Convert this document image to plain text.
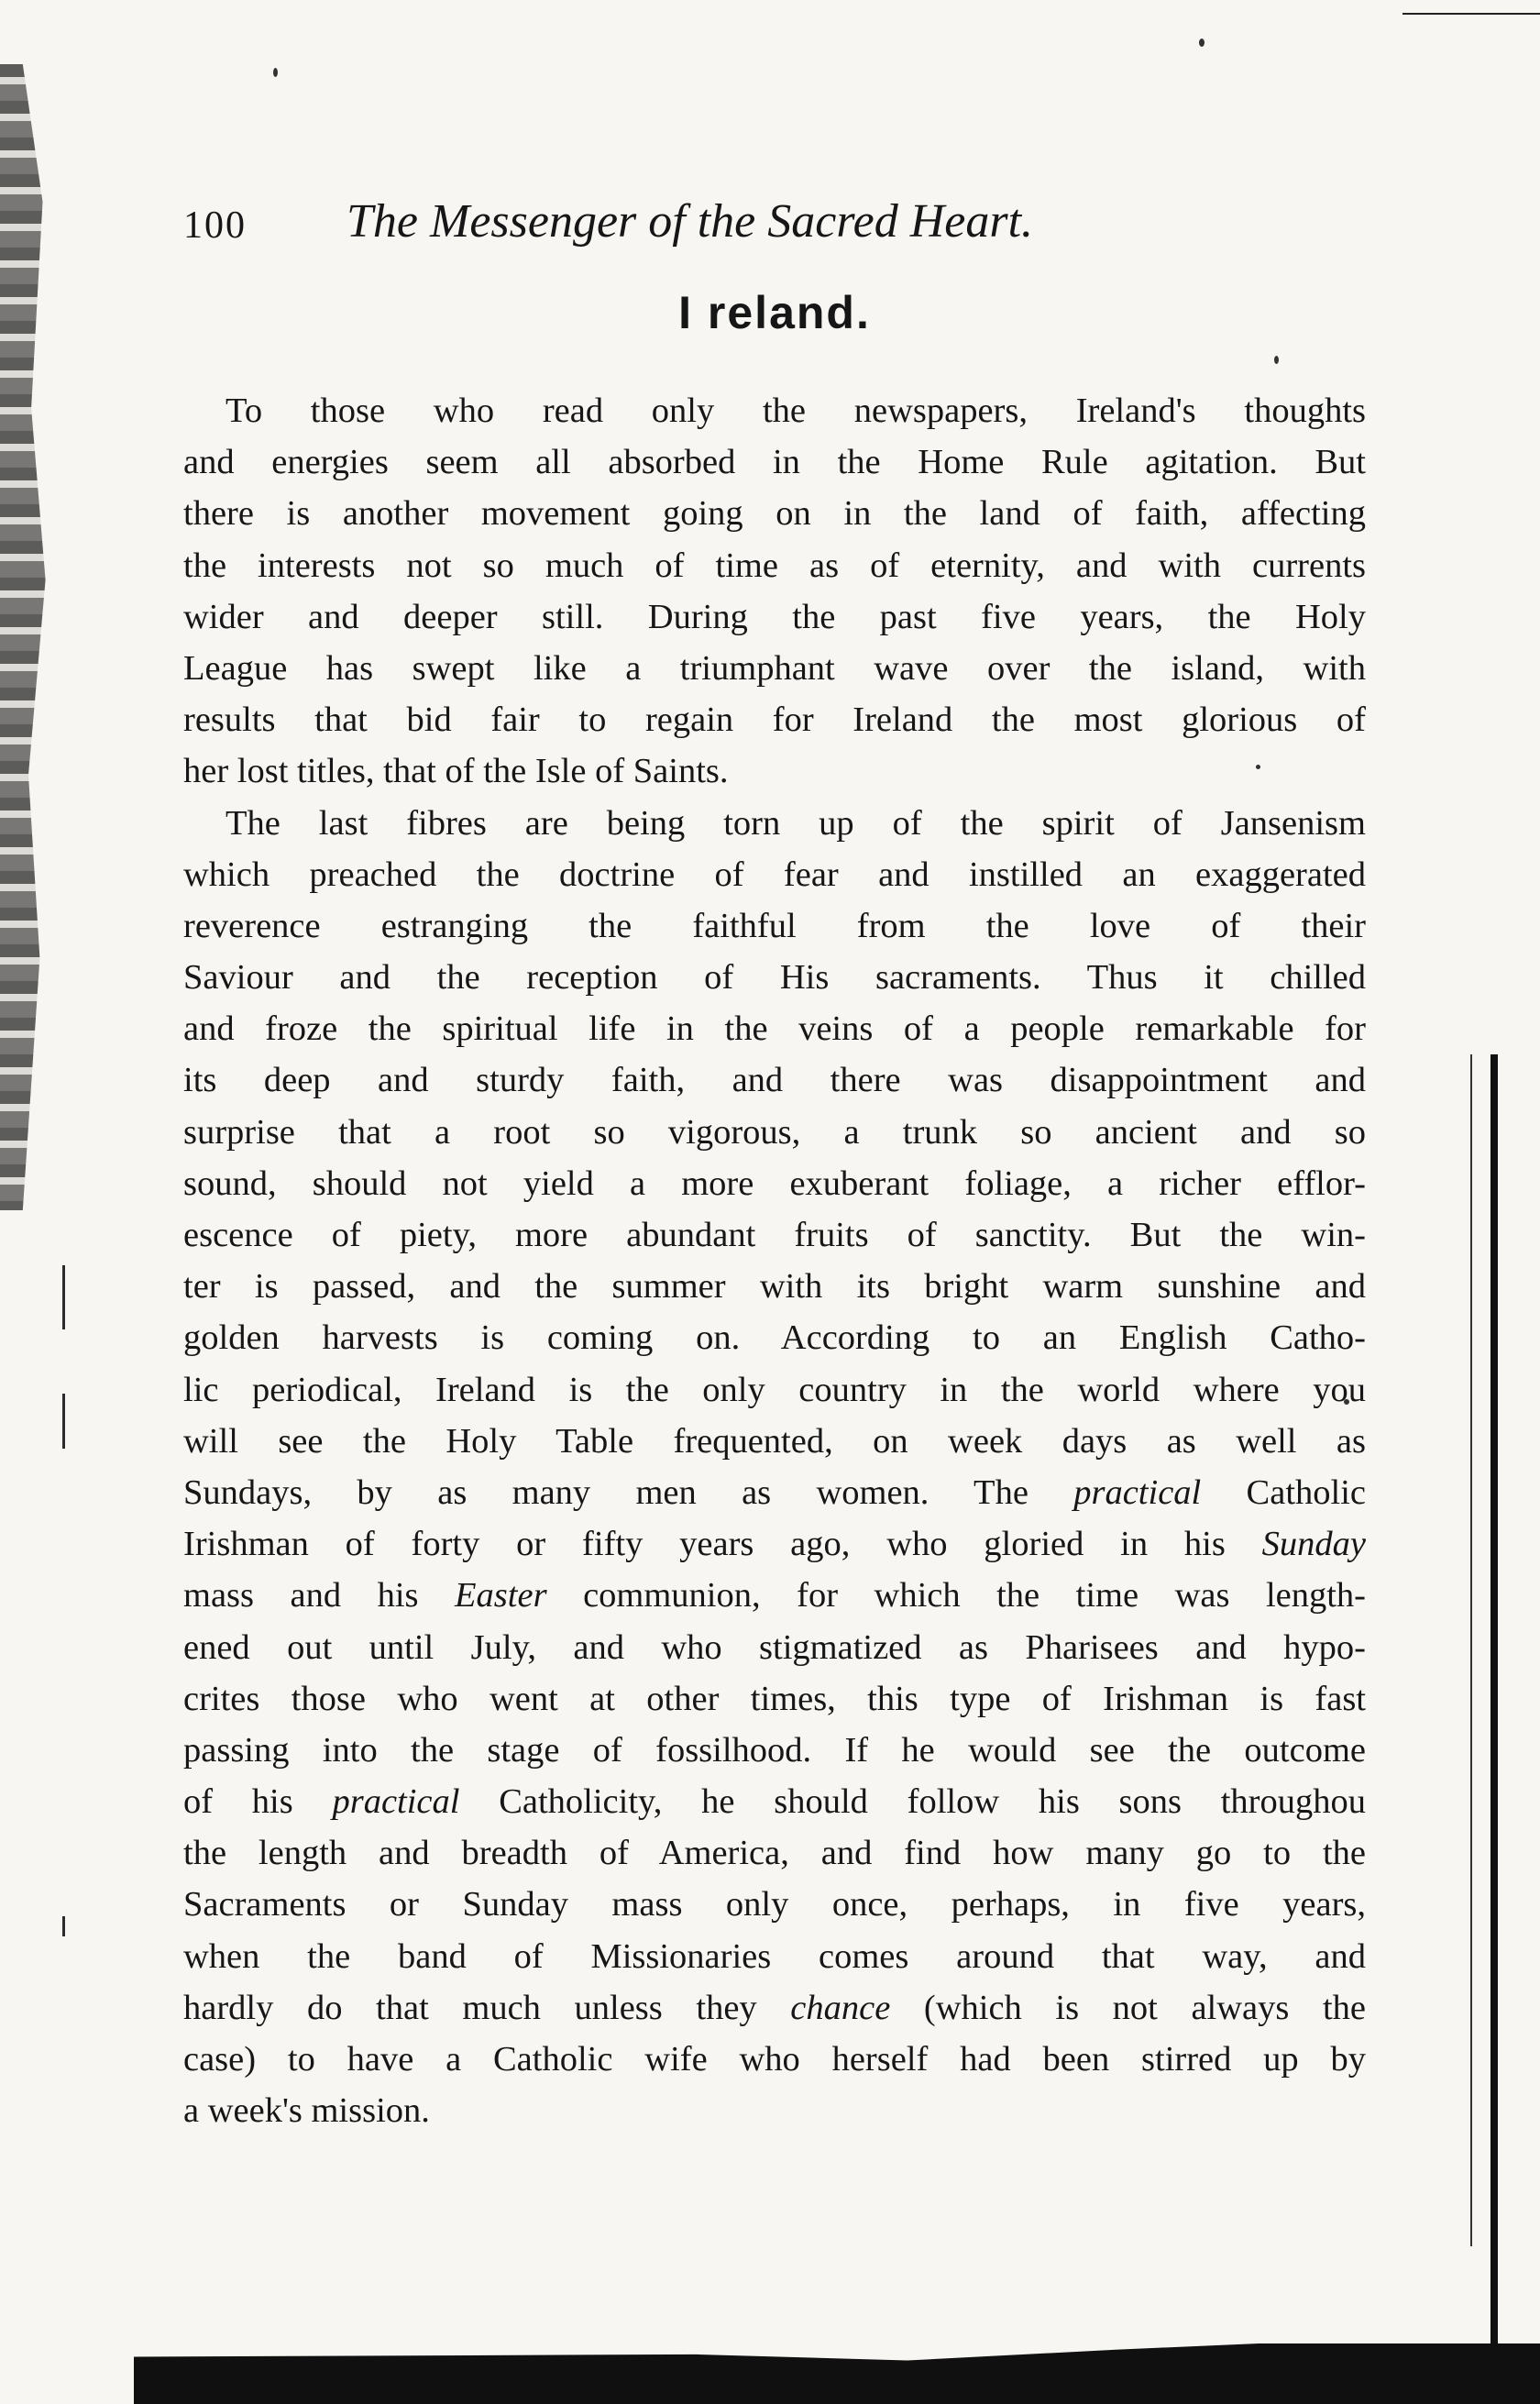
100 The Messenger of the Sacred Heart.
I reland.
To those who read only the newspapers, Ireland's thoughts
and energies seem all absorbed in the Home Rule agitation. But
there is another movement going on in the land of faith, affecting
the interests not so much of time as of eternity, and with currents
wider and deeper still. During the past five years, the Holy
League has swept like a triumphant wave over the island, with
results that bid fair to regain for Ireland the most glorious of
her lost titles, that of the Isle of Saints.
The last fibres are being torn up of the spirit of Jansenism
which preached the doctrine of fear and instilled an exaggerated
reverence estranging the faithful from the love of their
Saviour and the reception of His sacraments. Thus it chilled
and froze the spiritual life in the veins of a people remarkable for
its deep and sturdy faith, and there was disappointment and
surprise that a root so vigorous, a trunk so ancient and so
sound, should not yield a more exuberant foliage, a richer efflor-
escence of piety, more abundant fruits of sanctity. But the win-
ter is passed, and the summer with its bright warm sunshine and
golden harvests is coming on. According to an English Catho-
lic periodical, Ireland is the only country in the world where you
will see the Holy Table frequented, on week days as well as
Sundays, by as many men as women. The practical Catholic
Irishman of forty or fifty years ago, who gloried in his Sunday
mass and his Easter communion, for which the time was length-
ened out until July, and who stigmatized as Pharisees and hypo-
crites those who went at other times, this type of Irishman is fast
passing into the stage of fossilhood. If he would see the outcome
of his practical Catholicity, he should follow his sons throughou
the length and breadth of America, and find how many go to the
Sacraments or Sunday mass only once, perhaps, in five years,
when the band of Missionaries comes around that way, and
hardly do that much unless they chance (which is not always the
case) to have a Catholic wife who herself had been stirred up by
a week's mission.
